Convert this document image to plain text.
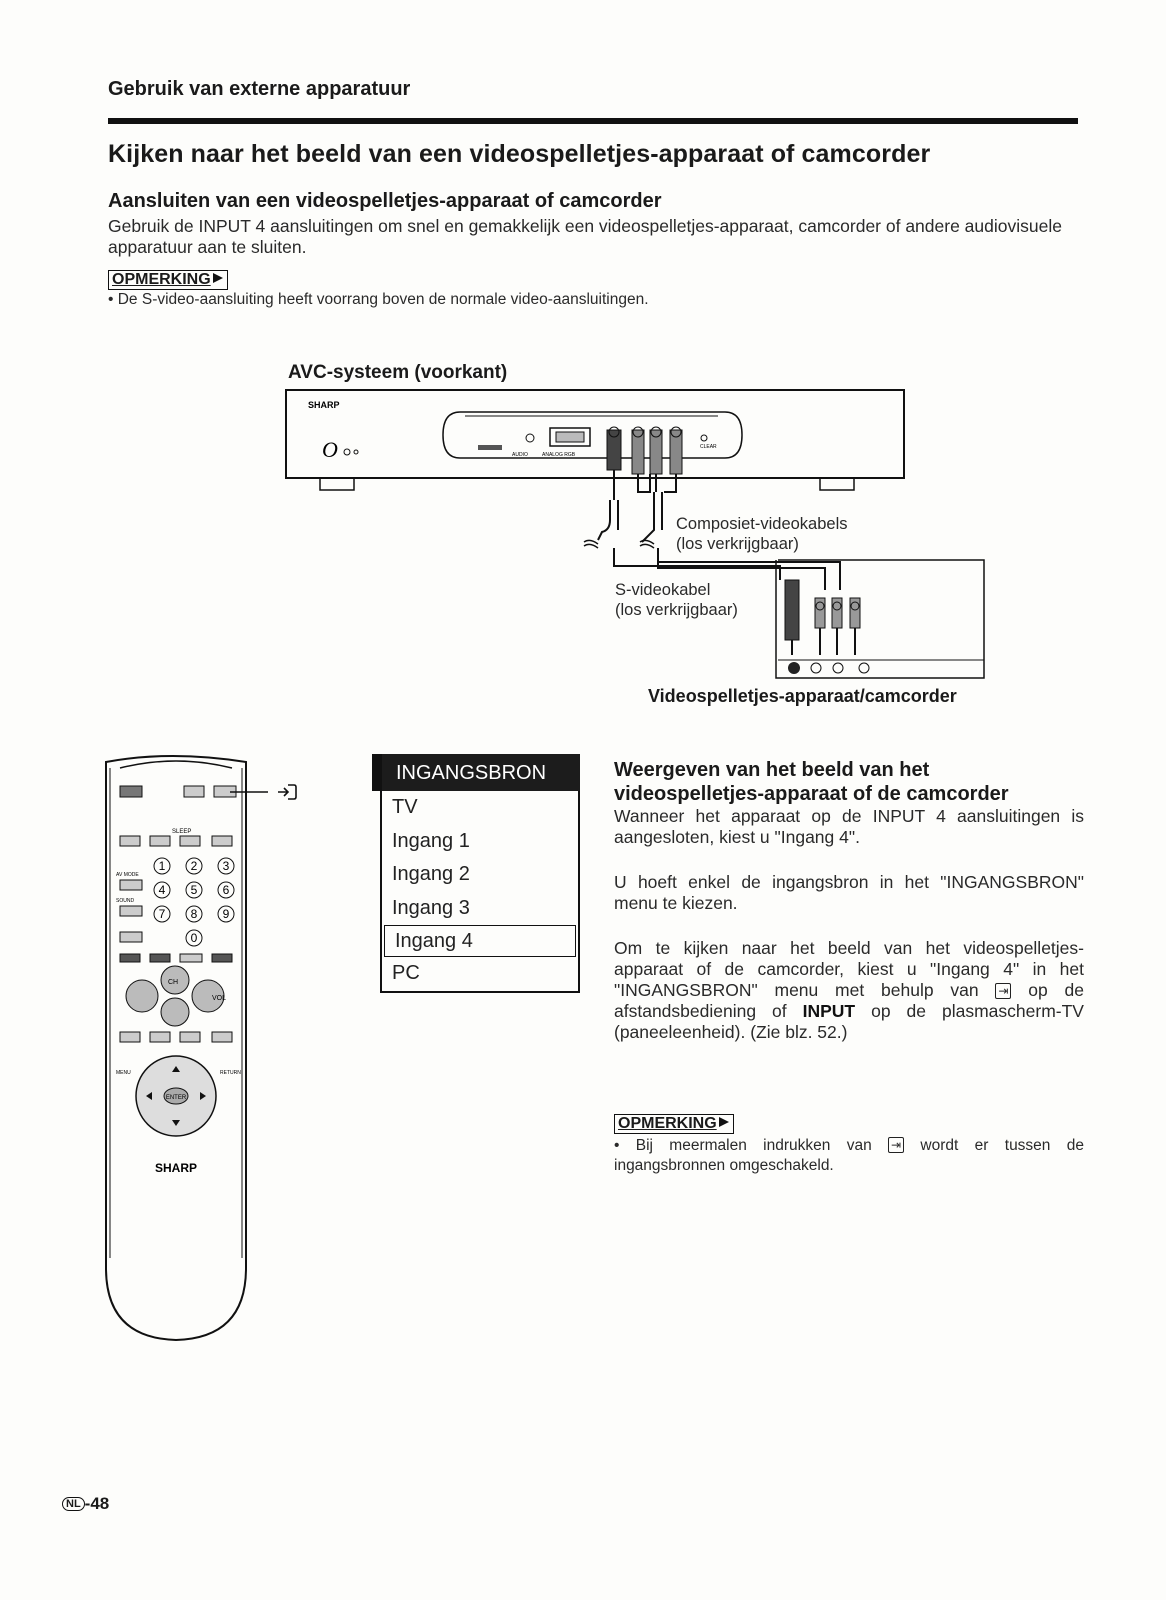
Gebruik van externe apparatuur
Kijken naar het beeld van een videospelletjes-apparaat of camcorder
Aansluiten van een videospelletjes-apparaat of camcorder
Gebruik de INPUT 4 aansluitingen om snel en gemakkelijk een videospelletjes-apparaat, camcorder of andere audiovisuele apparatuur aan te sluiten.
OPMERKING
• De S-video-aansluiting heeft voorrang boven de normale video-aansluitingen.
AVC-systeem (voorkant)
SHARP
O	AUDIO	ANALOG RGB
CLEAR
Composiet-videokabels
(los verkrijgbaar)
S-videokabel
(los verkrijgbaar)
Videospelletjes-apparaat/camcorder
SLEEP
1 2 3
4 5 6
7 8 9
0
AV MODE
SOUND
CH
VOL
MENU	RETURN
ENTER
SHARP
INGANGSBRON
TV
Ingang 1
Ingang 2
Ingang 3
Ingang 4
PC
Weergeven van het beeld van het videospelletjes-apparaat of de camcorder
Wanneer het apparaat op de INPUT 4 aansluitingen is aangesloten, kiest u "Ingang 4".
U hoeft enkel de ingangsbron in het "INGANGSBRON" menu te kiezen.
Om te kijken naar het beeld van het videospelletjes-apparaat of de camcorder, kiest u "Ingang 4" in het "INGANGSBRON" menu met behulp van ⇥ op de afstandsbediening of INPUT op de plasmascherm-TV (paneeleenheid). (Zie blz. 52.)
OPMERKING
• Bij meermalen indrukken van ⇥ wordt er tussen de ingangsbronnen omgeschakeld.
NL -48
